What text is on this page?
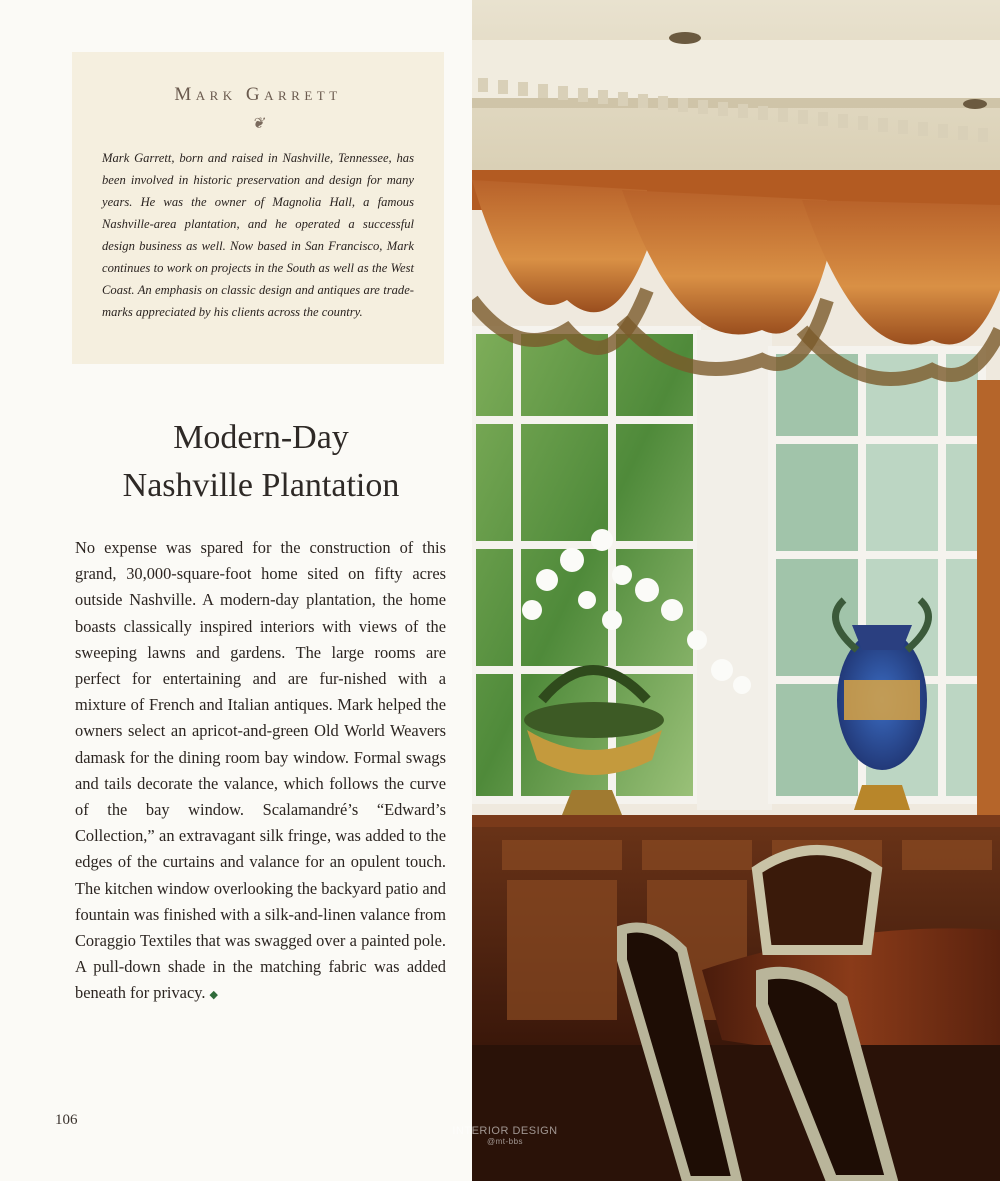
Mark Garrett
❦
Mark Garrett, born and raised in Nashville, Tennessee, has been involved in historic preservation and design for many years. He was the owner of Magnolia Hall, a famous Nashville-area plantation, and he operated a successful design business as well. Now based in San Francisco, Mark continues to work on projects in the South as well as the West Coast. An emphasis on classic design and antiques are trade-marks appreciated by his clients across the country.
Modern-Day
Nashville Plantation

No expense was spared for the construction of this grand, 30,000-square-foot home sited on fifty acres outside Nashville. A modern-day plantation, the home boasts classically inspired interiors with views of the sweeping lawns and gardens. The large rooms are perfect for entertaining and are fur-nished with a mixture of French and Italian antiques. Mark helped the owners select an apricot-and-green Old World Weavers damask for the dining room bay window. Formal swags and tails decorate the valance, which follows the curve of the bay window. Scalamandré’s “Edward’s Collection,” an extravagant silk fringe, was added to the edges of the curtains and valance for an opulent touch. The kitchen window overlooking the backyard patio and fountain was finished with a silk-and-linen valance from Coraggio Textiles that was swagged over a painted pole. A pull-down shade in the matching fabric was added beneath for privacy. ◆

106
INTERIOR DESIGN
@mt-bbs
